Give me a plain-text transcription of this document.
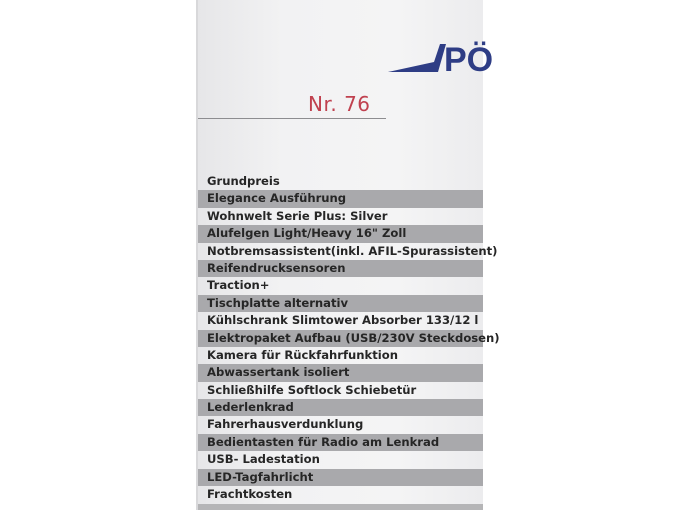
PÖ
Nr. 76
Grundpreis
Elegance Ausführung
Wohnwelt Serie Plus: Silver
Alufelgen Light/Heavy 16" Zoll
Notbremsassistent(inkl. AFIL-Spurassistent)
Reifendrucksensoren
Traction+
Tischplatte alternativ
Kühlschrank Slimtower Absorber 133/12 l
Elektropaket Aufbau (USB/230V Steckdosen)
Kamera für Rückfahrfunktion
Abwassertank isoliert
Schließhilfe Softlock Schiebetür
Lederlenkrad
Fahrerhausverdunklung
Bedientasten für Radio am Lenkrad
USB- Ladestation
LED-Tagfahrlicht
Frachtkosten
